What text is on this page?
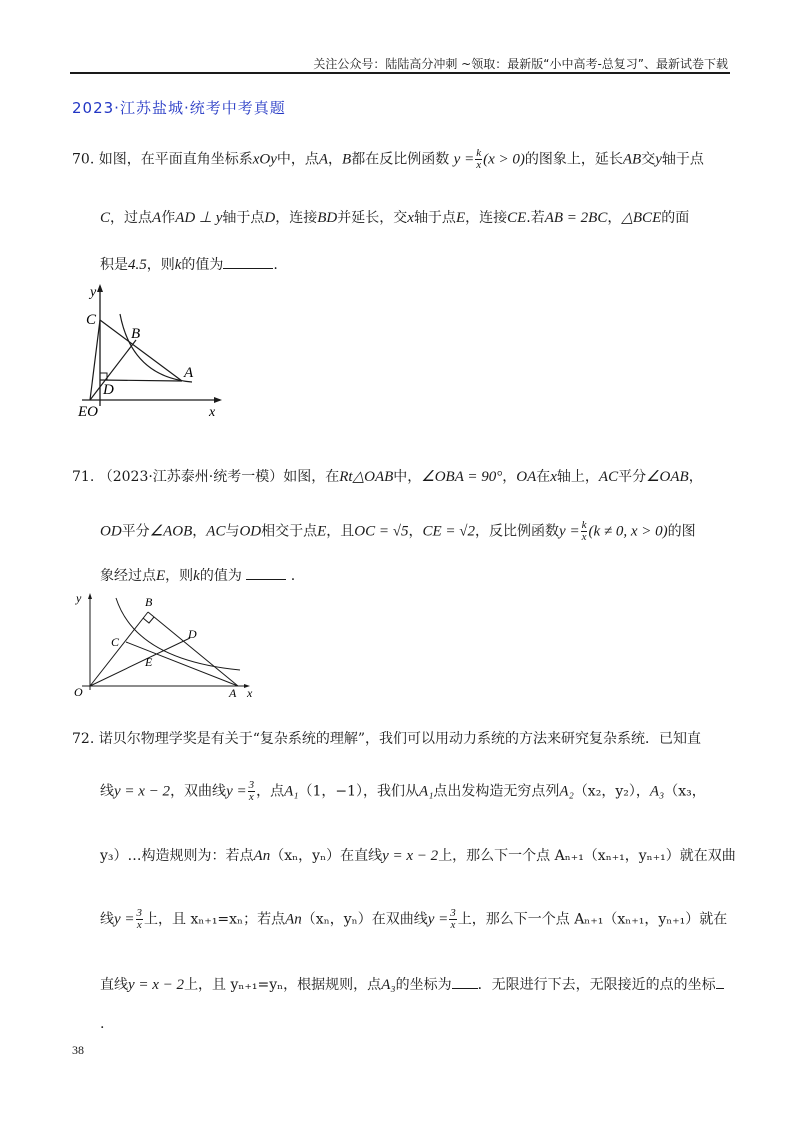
关注公众号：陆陆高分冲刺 ~领取：最新版“小中高考-总复习”、最新试卷下载
2023·江苏盐城·统考中考真题
70. 如图，在平面直角坐标系xOy中，点A，B都在反比例函数 $y = \frac{k}{x} (x > 0)$的图象上，延长AB交y轴于点
C，过点A作AD ⊥ y轴于点D，连接BD并延长，交x轴于点E，连接CE.若AB = 2BC，△BCE的面
积是4.5，则k的值为	.
y
C
B
A
D
EO	x
71. （2023·江苏泰州·统考一模）如图，在Rt△OAB中，∠OBA = 90°，OA在x轴上，AC平分∠OAB，
OD平分∠AOB，AC与OD相交于点E，且OC = √5，CE = √2，反比例函数$y = \frac{k}{x} (k \ne 0$, x > 0)的图
象经过点E，则k的值为	.
y	B
C
D
E
O	A x
72. 诺贝尔物理学奖是有关于“复杂系统的理解”，我们可以用动力系统的方法来研究复杂系统．已知直
线y = x − 2，双曲线$y = \frac{3}{x}$ ，点A₁（1，−1），我们从A₁点出发构造无穷点列A₂（x₂，y₂），A₃（x₃，
y₃）…构造规则为：若点An（xₙ，yₙ）在直线y = x − 2上，那么下一个点 Aₙ₊₁（xₙ₊₁，yₙ₊₁）就在双曲
线$y = \frac{3}{x}$ 上，且 xₙ₊₁=xₙ；若点An（xₙ，yₙ）在双曲线$y = \frac{3}{x}$ 上，那么下一个点 Aₙ₊₁（xₙ₊₁，yₙ₊₁）就在
直线y = x − 2上，且 yₙ₊₁=yₙ，根据规则，点A₃的坐标为 ．无限进行下去，无限接近的点的坐标
.
38
